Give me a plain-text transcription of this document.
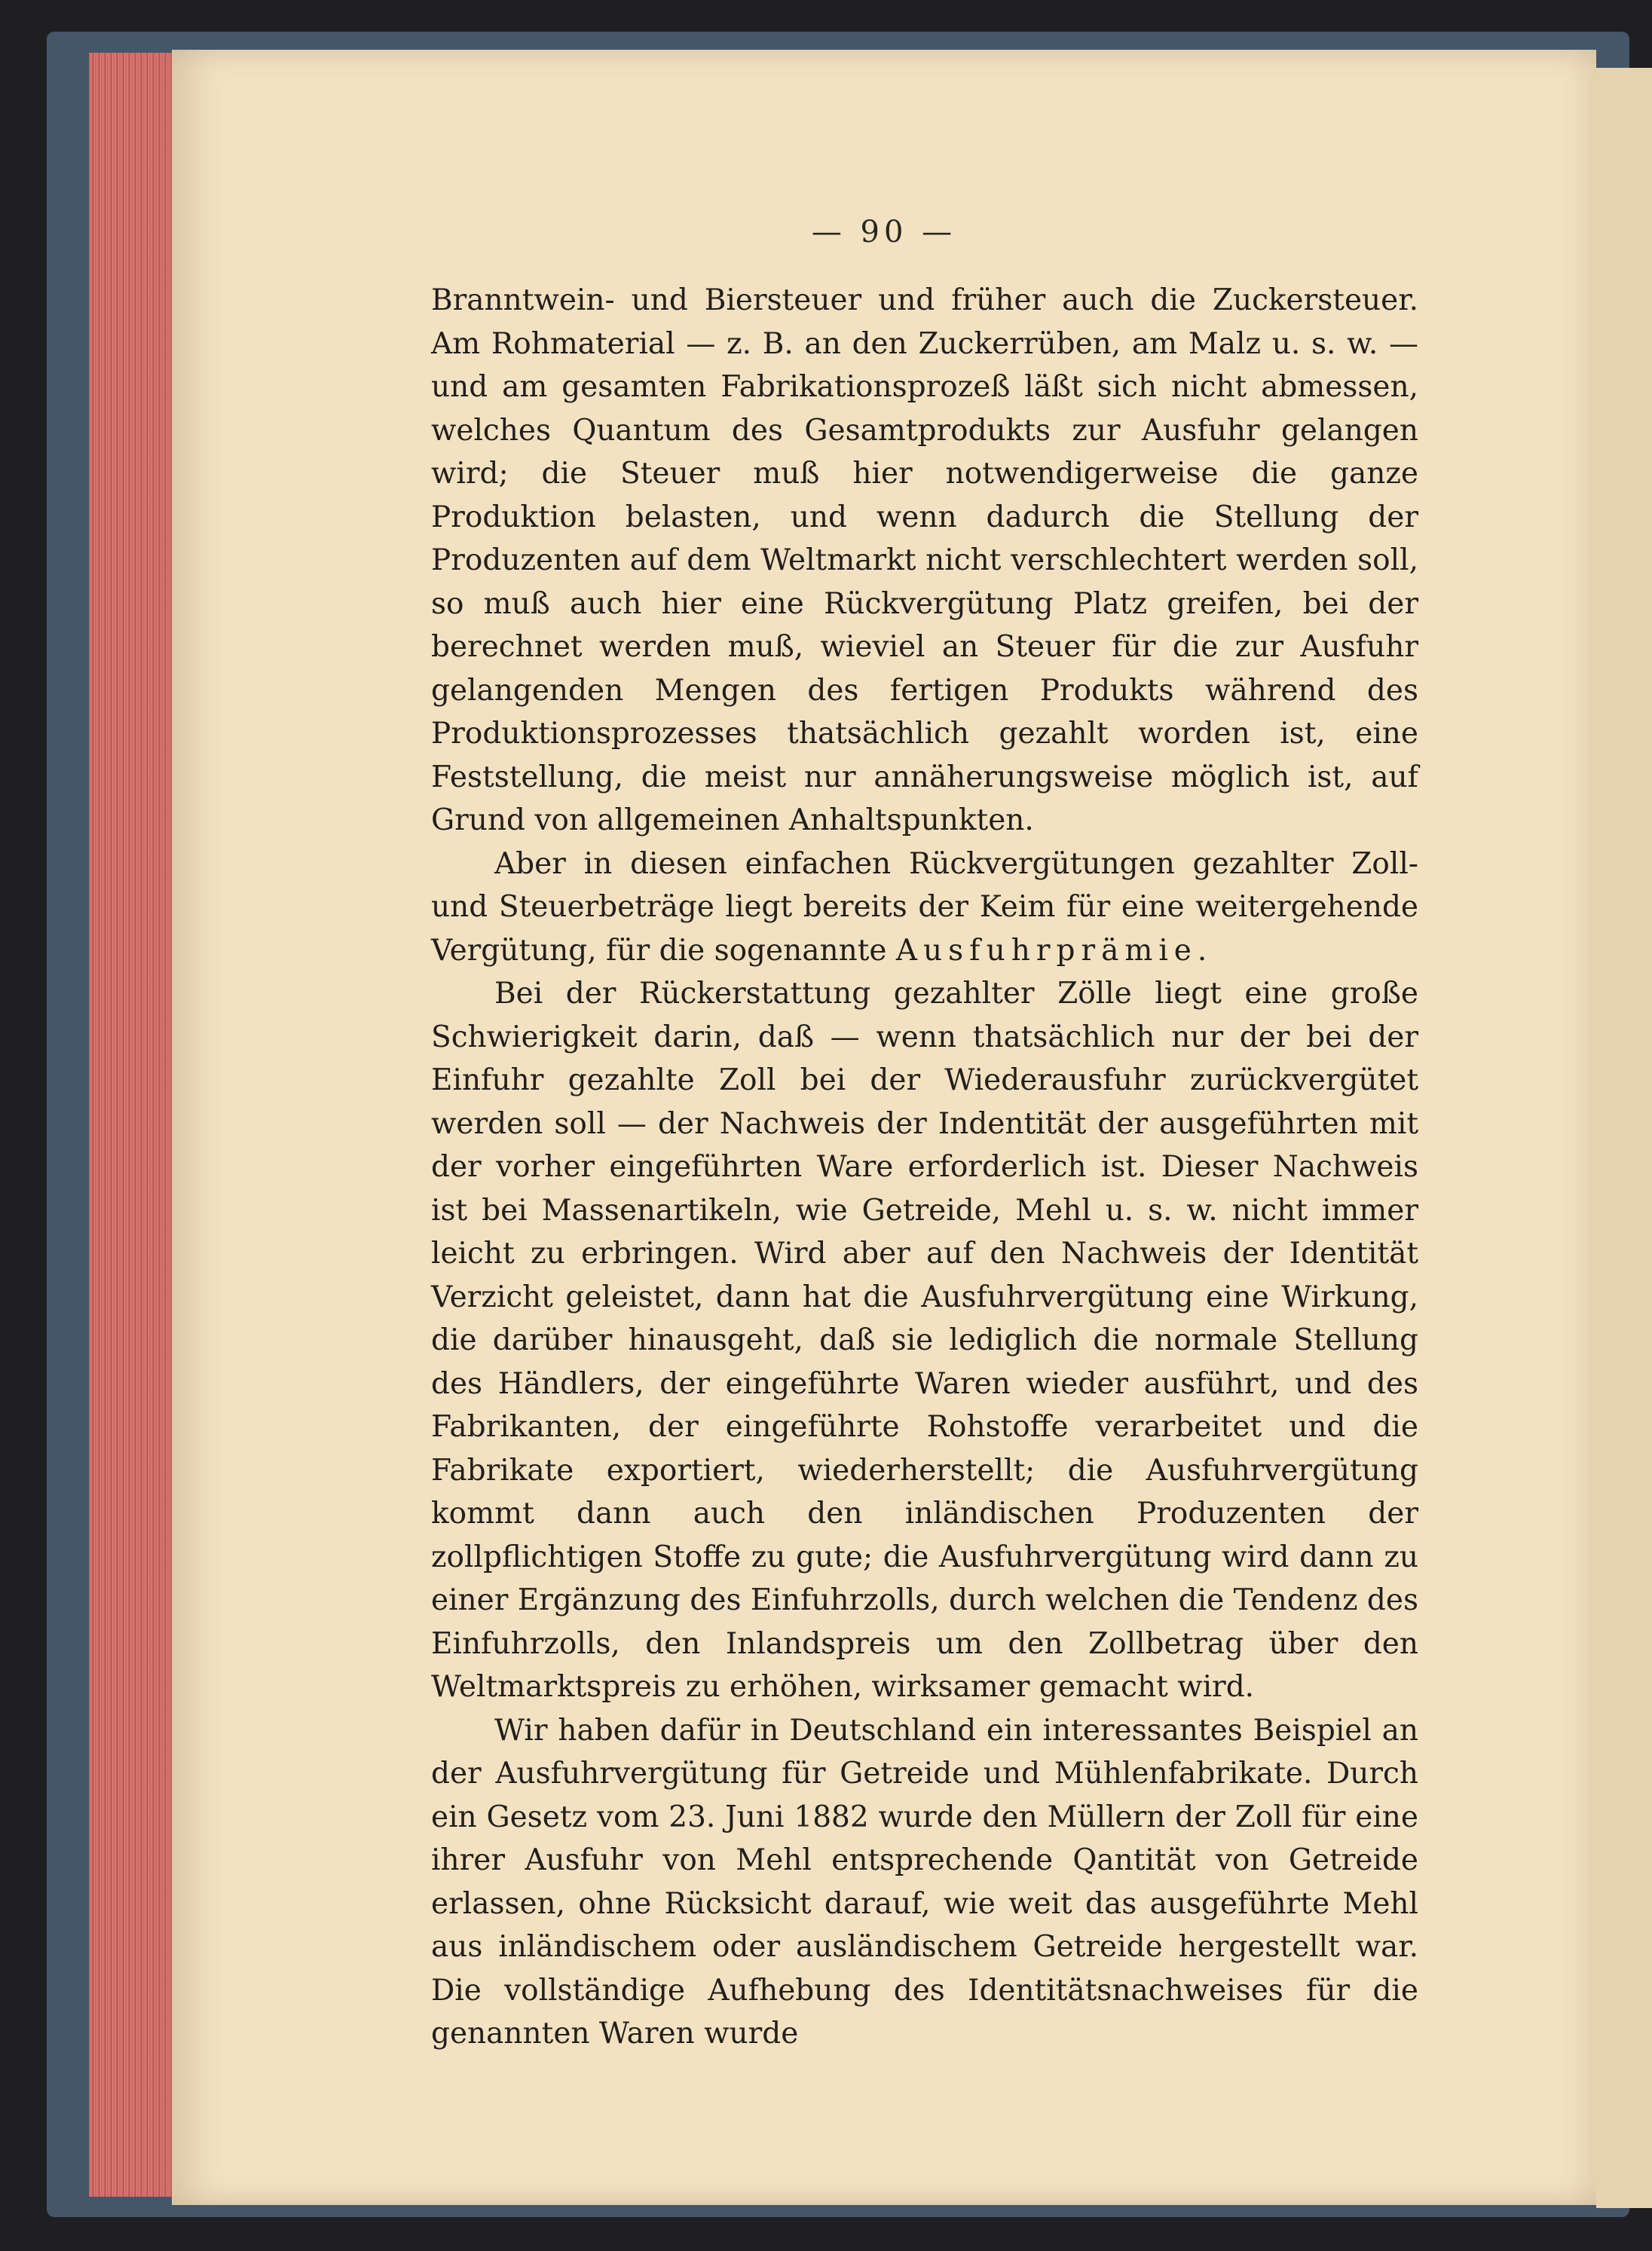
— 90 —

Branntwein- und Biersteuer und früher auch die Zuckersteuer. Am Rohmaterial — z. B. an den Zuckerrüben, am Malz u. s. w. — und am gesamten Fabrikationsprozeß läßt sich nicht abmessen, welches Quantum des Gesamtprodukts zur Ausfuhr gelangen wird; die Steuer muß hier notwendigerweise die ganze Produktion belasten, und wenn dadurch die Stellung der Produzenten auf dem Weltmarkt nicht verschlechtert werden soll, so muß auch hier eine Rückvergütung Platz greifen, bei der berechnet werden muß, wieviel an Steuer für die zur Ausfuhr gelangenden Mengen des fertigen Produkts während des Produktionsprozesses thatsächlich gezahlt worden ist, eine Feststellung, die meist nur annäherungsweise möglich ist, auf Grund von allgemeinen Anhaltspunkten.

Aber in diesen einfachen Rückvergütungen gezahlter Zoll- und Steuerbeträge liegt bereits der Keim für eine weitergehende Vergütung, für die sogenannte Ausfuhrprämie.

Bei der Rückerstattung gezahlter Zölle liegt eine große Schwierigkeit darin, daß — wenn thatsächlich nur der bei der Einfuhr gezahlte Zoll bei der Wiederausfuhr zurückvergütet werden soll — der Nachweis der Indentität der ausgeführten mit der vorher eingeführten Ware erforderlich ist. Dieser Nachweis ist bei Massenartikeln, wie Getreide, Mehl u. s. w. nicht immer leicht zu erbringen. Wird aber auf den Nachweis der Identität Verzicht geleistet, dann hat die Ausfuhrvergütung eine Wirkung, die darüber hinausgeht, daß sie lediglich die normale Stellung des Händlers, der eingeführte Waren wieder ausführt, und des Fabrikanten, der eingeführte Rohstoffe verarbeitet und die Fabrikate exportiert, wiederherstellt; die Ausfuhrvergütung kommt dann auch den inländischen Produzenten der zollpflichtigen Stoffe zu gute; die Ausfuhrvergütung wird dann zu einer Ergänzung des Einfuhrzolls, durch welchen die Tendenz des Einfuhrzolls, den Inlandspreis um den Zollbetrag über den Weltmarktspreis zu erhöhen, wirksamer gemacht wird.

Wir haben dafür in Deutschland ein interessantes Beispiel an der Ausfuhrvergütung für Getreide und Mühlenfabrikate. Durch ein Gesetz vom 23. Juni 1882 wurde den Müllern der Zoll für eine ihrer Ausfuhr von Mehl entsprechende Qantität von Getreide erlassen, ohne Rücksicht darauf, wie weit das ausgeführte Mehl aus inländischem oder ausländischem Getreide hergestellt war. Die vollständige Aufhebung des Identitätsnachweises für die genannten Waren wurde
